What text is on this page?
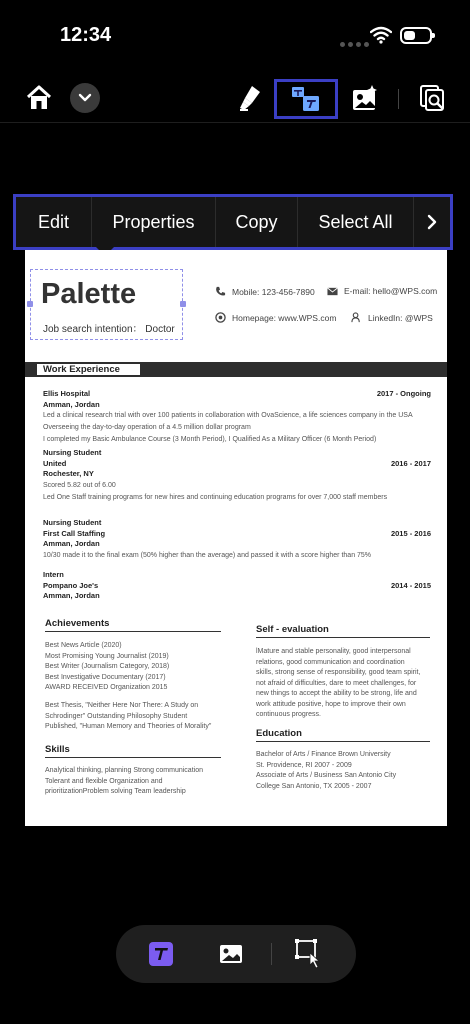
12:34
Edit	Properties	Copy	Select All
Palette
Job search intention： Doctor
Mobile: 123-456-7890	E-mail: hello@WPS.com
Homepage: www.WPS.com	LinkedIn: @WPS
Work Experience
Ellis Hospital	2017 - Ongoing
Amman, Jordan
Led a clinical research trial with over 100 patients in collaboration with OvaScience, a life sciences company in the USA
Overseeing the day-to-day operation of a 4.5 million dollar program
I completed my Basic Ambulance Course (3 Month Period), I Qualified As a Military Officer (6 Month Period)
Nursing Student
United	2016 - 2017
Rochester, NY
Scored 5.82 out of 6.00
Led One Staff training programs for new hires and continuing education programs for over 7,000 staff members
Nursing Student
First Call Staffing	2015 - 2016
Amman, Jordan
10/30 made it to the final exam (50% higher than the average) and passed it with a score higher than 75%
Intern
Pompano Joe's	2014 - 2015
Amman, Jordan
Achievements
Best News Article (2020)
Most Promising Young Journalist (2019)
Best Writer (Journalism Category, 2018)
Best Investigative Documentary (2017)
AWARD RECEIVED Organization 2015
Best Thesis, "Neither Here Nor There: A Study on
Schrodinger" Outstanding Philosophy Student
Published, "Human Memory and Theories of Morality"
Skills
Analytical thinking, planning Strong communication
Tolerant and flexible Organization and
prioritizationProblem solving Team leadership
Self - evaluation
lMature and stable personality, good interpersonal
relations, good communication and coordination
skills, strong sense of responsibility, good team spirit,
not afraid of difficulties, dare to meet challenges, for
new things to accept the ability to be strong, life and
work attitude positive, hope to improve their own
continuous progress.
Education
Bachelor of Arts / Finance Brown University
St. Providence, RI 2007 - 2009
Associate of Arts / Business San Antonio City
College San Antonio, TX 2005 - 2007
